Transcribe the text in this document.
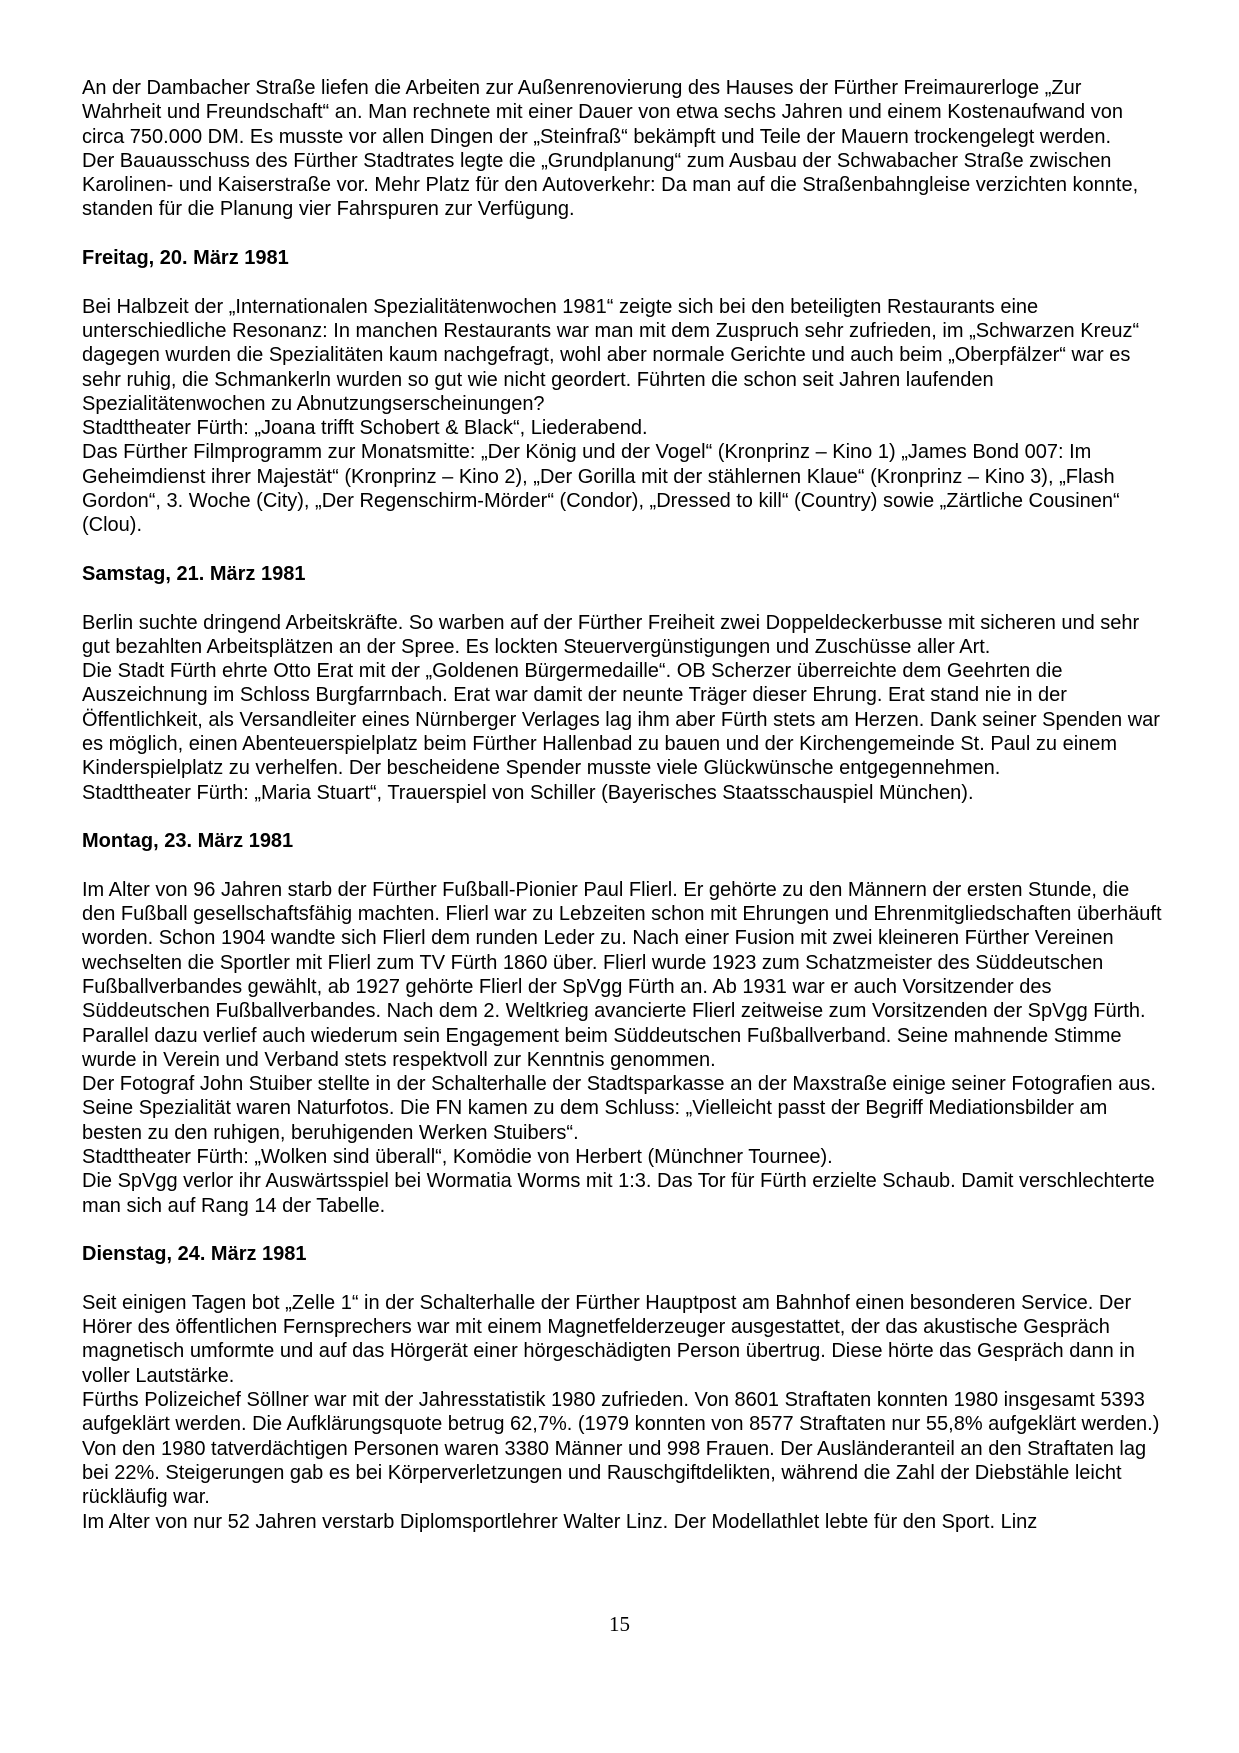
An der Dambacher Straße liefen die Arbeiten zur Außenrenovierung des Hauses der Fürther Freimaurerloge „Zur Wahrheit und Freundschaft“ an. Man rechnete mit einer Dauer von etwa sechs Jahren und einem Kostenaufwand von circa 750.000 DM. Es musste vor allen Dingen der „Steinfraß“ bekämpft und Teile der Mauern trockengelegt werden.

Der Bauausschuss des Fürther Stadtrates legte die „Grundplanung“ zum Ausbau der Schwabacher Straße zwischen Karolinen- und Kaiserstraße vor. Mehr Platz für den Autoverkehr: Da man auf die Straßenbahngleise verzichten konnte, standen für die Planung vier Fahrspuren zur Verfügung.

Freitag, 20. März 1981

Bei Halbzeit der „Internationalen Spezialitätenwochen 1981“ zeigte sich bei den beteiligten Restaurants eine unterschiedliche Resonanz: In manchen Restaurants war man mit dem Zuspruch sehr zufrieden, im „Schwarzen Kreuz“ dagegen wurden die Spezialitäten kaum nachgefragt, wohl aber normale Gerichte und auch beim „Oberpfälzer“ war es sehr ruhig, die Schmankerln wurden so gut wie nicht geordert. Führten die schon seit Jahren laufenden Spezialitätenwochen zu Abnutzungserscheinungen?

Stadttheater Fürth: „Joana trifft Schobert & Black“, Liederabend.

Das Fürther Filmprogramm zur Monatsmitte: „Der König und der Vogel“ (Kronprinz – Kino 1) „James Bond 007: Im Geheimdienst ihrer Majestät“ (Kronprinz – Kino 2), „Der Gorilla mit der stählernen Klaue“ (Kronprinz – Kino 3), „Flash Gordon“, 3. Woche (City), „Der Regenschirm-Mörder“ (Condor), „Dressed to kill“ (Country) sowie „Zärtliche Cousinen“ (Clou).

Samstag, 21. März 1981

Berlin suchte dringend Arbeitskräfte. So warben auf der Fürther Freiheit zwei Doppeldeckerbusse mit sicheren und sehr gut bezahlten Arbeitsplätzen an der Spree. Es lockten Steuervergünstigungen und Zuschüsse aller Art.

Die Stadt Fürth ehrte Otto Erat mit der „Goldenen Bürgermedaille“. OB Scherzer überreichte dem Geehrten die Auszeichnung im Schloss Burgfarrnbach. Erat war damit der neunte Träger dieser Ehrung. Erat stand nie in der Öffentlichkeit, als Versandleiter eines Nürnberger Verlages lag ihm aber Fürth stets am Herzen. Dank seiner Spenden war es möglich, einen Abenteuerspielplatz beim Fürther Hallenbad zu bauen und der Kirchengemeinde St. Paul zu einem Kinderspielplatz zu verhelfen. Der bescheidene Spender musste viele Glückwünsche entgegennehmen.

Stadttheater Fürth: „Maria Stuart“, Trauerspiel von Schiller (Bayerisches Staatsschauspiel München).

Montag, 23. März 1981

Im Alter von 96 Jahren starb der Fürther Fußball-Pionier Paul Flierl. Er gehörte zu den Männern der ersten Stunde, die den Fußball gesellschaftsfähig machten. Flierl war zu Lebzeiten schon mit Ehrungen und Ehrenmitgliedschaften überhäuft worden. Schon 1904 wandte sich Flierl dem runden Leder zu. Nach einer Fusion mit zwei kleineren Fürther Vereinen wechselten die Sportler mit Flierl zum TV Fürth 1860 über. Flierl wurde 1923 zum Schatzmeister des Süddeutschen Fußballverbandes gewählt, ab 1927 gehörte Flierl der SpVgg Fürth an. Ab 1931 war er auch Vorsitzender des Süddeutschen Fußballverbandes. Nach dem 2. Weltkrieg avancierte Flierl zeitweise zum Vorsitzenden der SpVgg Fürth. Parallel dazu verlief auch wiederum sein Engagement beim Süddeutschen Fußballverband. Seine mahnende Stimme wurde in Verein und Verband stets respektvoll zur Kenntnis genommen.

Der Fotograf John Stuiber stellte in der Schalterhalle der Stadtsparkasse an der Maxstraße einige seiner Fotografien aus. Seine Spezialität waren Naturfotos. Die FN kamen zu dem Schluss: „Vielleicht passt der Begriff Mediationsbilder am besten zu den ruhigen, beruhigenden Werken Stuibers“.

Stadttheater Fürth: „Wolken sind überall“, Komödie von Herbert (Münchner Tournee).

Die SpVgg verlor ihr Auswärtsspiel bei Wormatia Worms mit 1:3. Das Tor für Fürth erzielte Schaub. Damit verschlechterte man sich auf Rang 14 der Tabelle.

Dienstag, 24. März 1981

Seit einigen Tagen bot „Zelle 1“ in der Schalterhalle der Fürther Hauptpost am Bahnhof einen besonderen Service. Der Hörer des öffentlichen Fernsprechers war mit einem Magnetfelderzeuger ausgestattet, der das akustische Gespräch magnetisch umformte und auf das Hörgerät einer hörgeschädigten Person übertrug. Diese hörte das Gespräch dann in voller Lautstärke.

Fürths Polizeichef Söllner war mit der Jahresstatistik 1980 zufrieden. Von 8601 Straftaten konnten 1980 insgesamt 5393 aufgeklärt werden. Die Aufklärungsquote betrug 62,7%. (1979 konnten von 8577 Straftaten nur 55,8% aufgeklärt werden.) Von den 1980 tatverdächtigen Personen waren 3380 Männer und 998 Frauen. Der Ausländeranteil an den Straftaten lag bei 22%. Steigerungen gab es bei Körperverletzungen und Rauschgiftdelikten, während die Zahl der Diebstähle leicht rückläufig war.

Im Alter von nur 52 Jahren verstarb Diplomsportlehrer Walter Linz. Der Modellathlet lebte für den Sport. Linz

15
